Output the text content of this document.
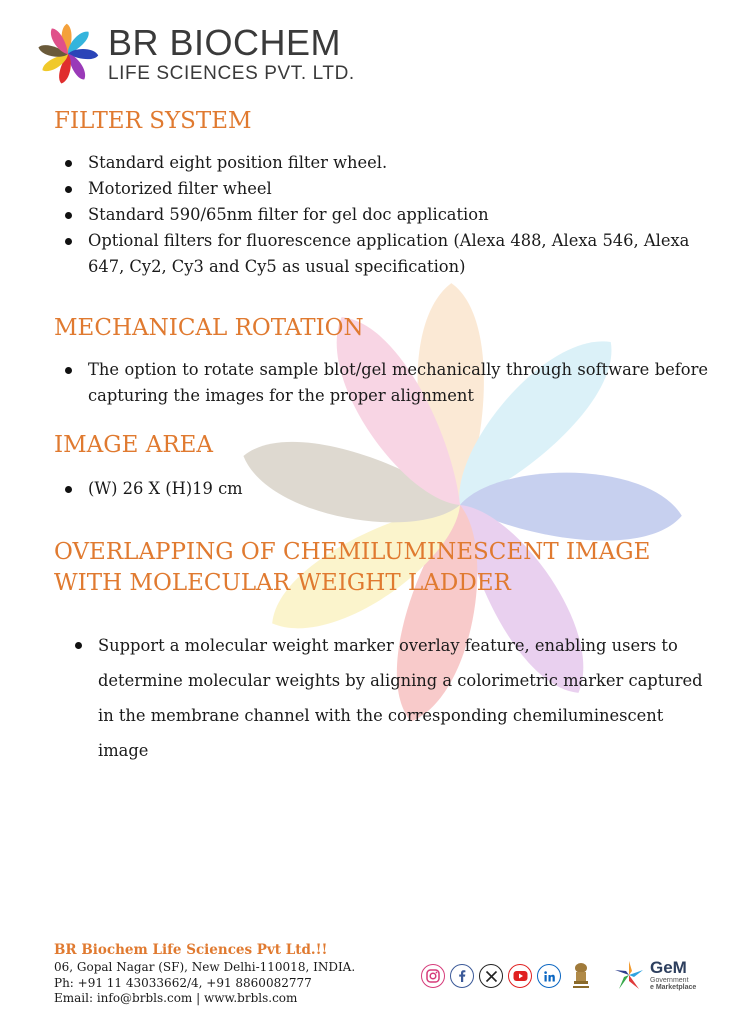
BR BIOCHEM
LIFE SCIENCES PVT. LTD.
FILTER SYSTEM
Standard eight position filter wheel.
Motorized filter wheel
Standard 590/65nm filter for gel doc application
Optional filters for fluorescence application (Alexa 488, Alexa 546, Alexa 647, Cy2, Cy3 and Cy5 as usual specification)
MECHANICAL ROTATION
The option to rotate sample blot/gel mechanically through software before capturing the images for the proper alignment
IMAGE AREA
(W) 26 X (H)19 cm
OVERLAPPING OF CHEMILUMINESCENT IMAGE WITH MOLECULAR WEIGHT LADDER
Support a molecular weight marker overlay feature, enabling users to determine molecular weights by aligning a colorimetric marker captured in the membrane channel with the corresponding chemiluminescent image
BR Biochem Life Sciences Pvt Ltd.!!
06, Gopal Nagar (SF), New Delhi-110018, INDIA.
Ph: +91 11 43033662/4, +91 8860082777
Email: info@brbls.com | www.brbls.com
GeM
Government
e Marketplace
